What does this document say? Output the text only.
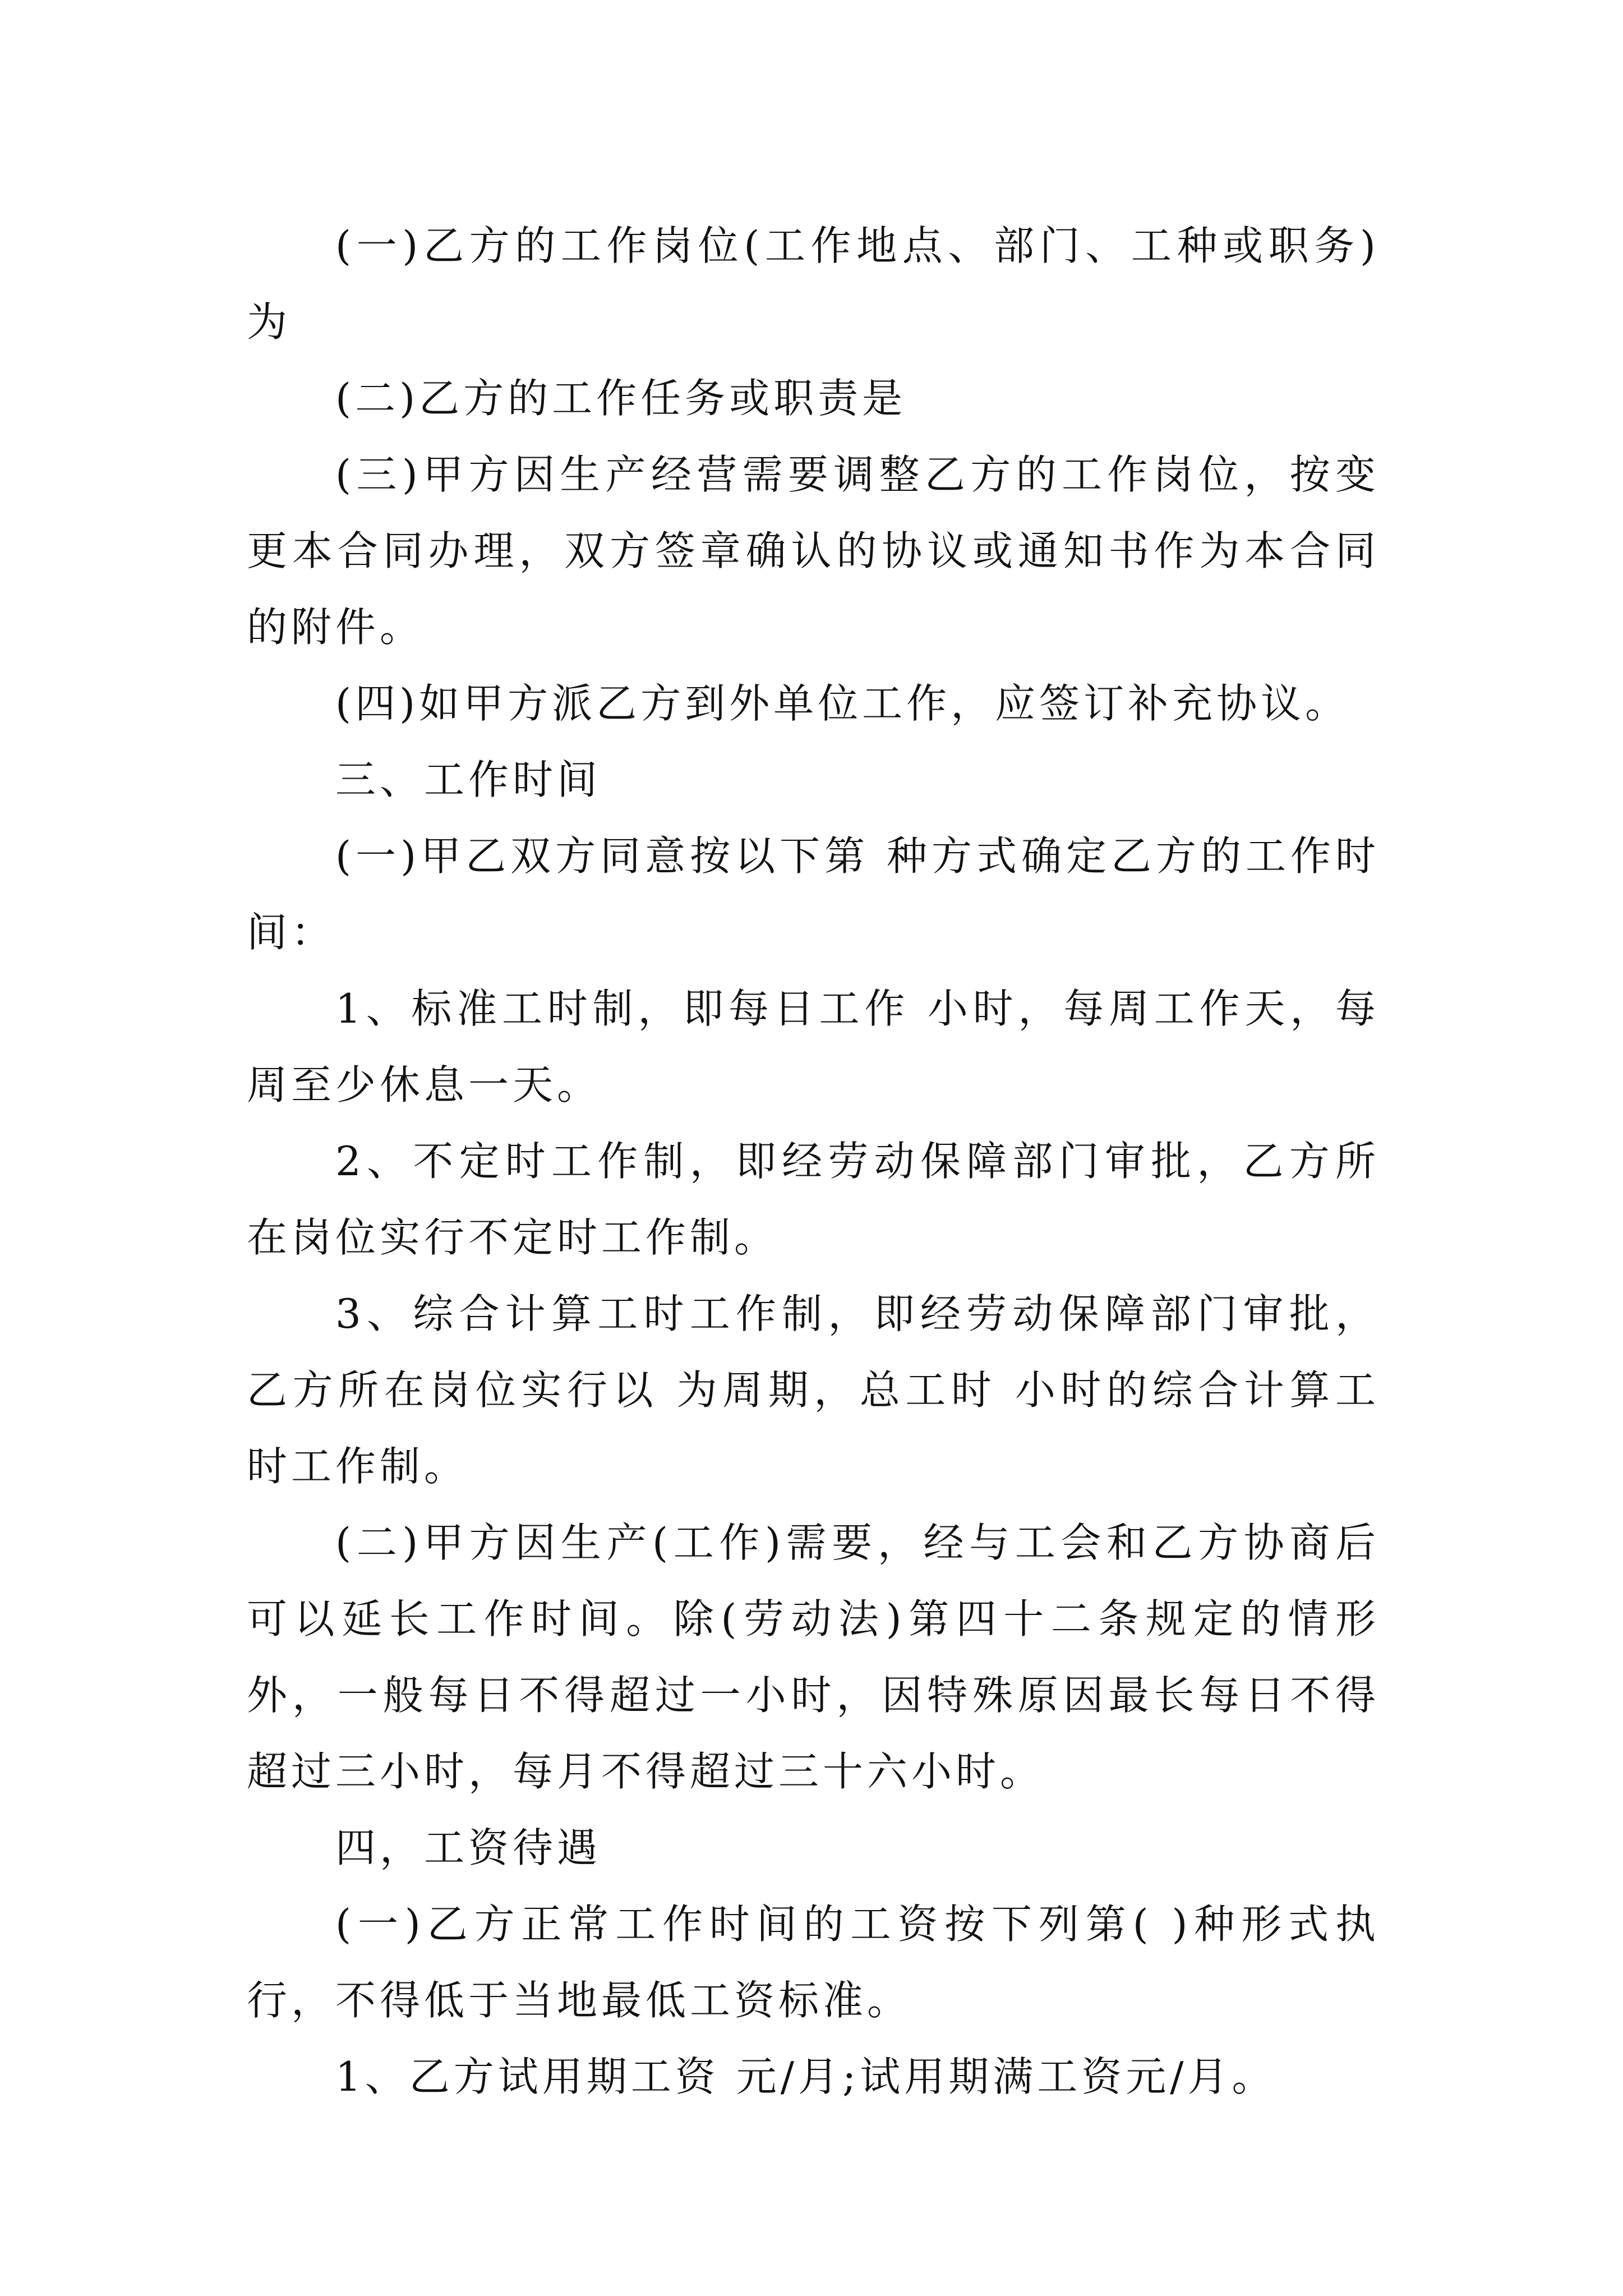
(一)乙方的工作岗位(工作地点、部门、工种或职务)为

(二)乙方的工作任务或职责是

(三)甲方因生产经营需要调整乙方的工作岗位，按变更本合同办理，双方签章确认的协议或通知书作为本合同的附件。

(四)如甲方派乙方到外单位工作，应签订补充协议。

三、工作时间

(一)甲乙双方同意按以下第 种方式确定乙方的工作时间：

1、标准工时制，即每日工作 小时，每周工作天，每周至少休息一天。

2、不定时工作制，即经劳动保障部门审批，乙方所在岗位实行不定时工作制。

3、综合计算工时工作制，即经劳动保障部门审批，乙方所在岗位实行以 为周期，总工时 小时的综合计算工时工作制。

(二)甲方因生产(工作)需要，经与工会和乙方协商后可以延长工作时间。除(劳动法)第四十二条规定的情形外，一般每日不得超过一小时，因特殊原因最长每日不得超过三小时，每月不得超过三十六小时。

四，工资待遇

(一)乙方正常工作时间的工资按下列第( )种形式执行，不得低于当地最低工资标准。

1、乙方试用期工资 元/月;试用期满工资元/月。
